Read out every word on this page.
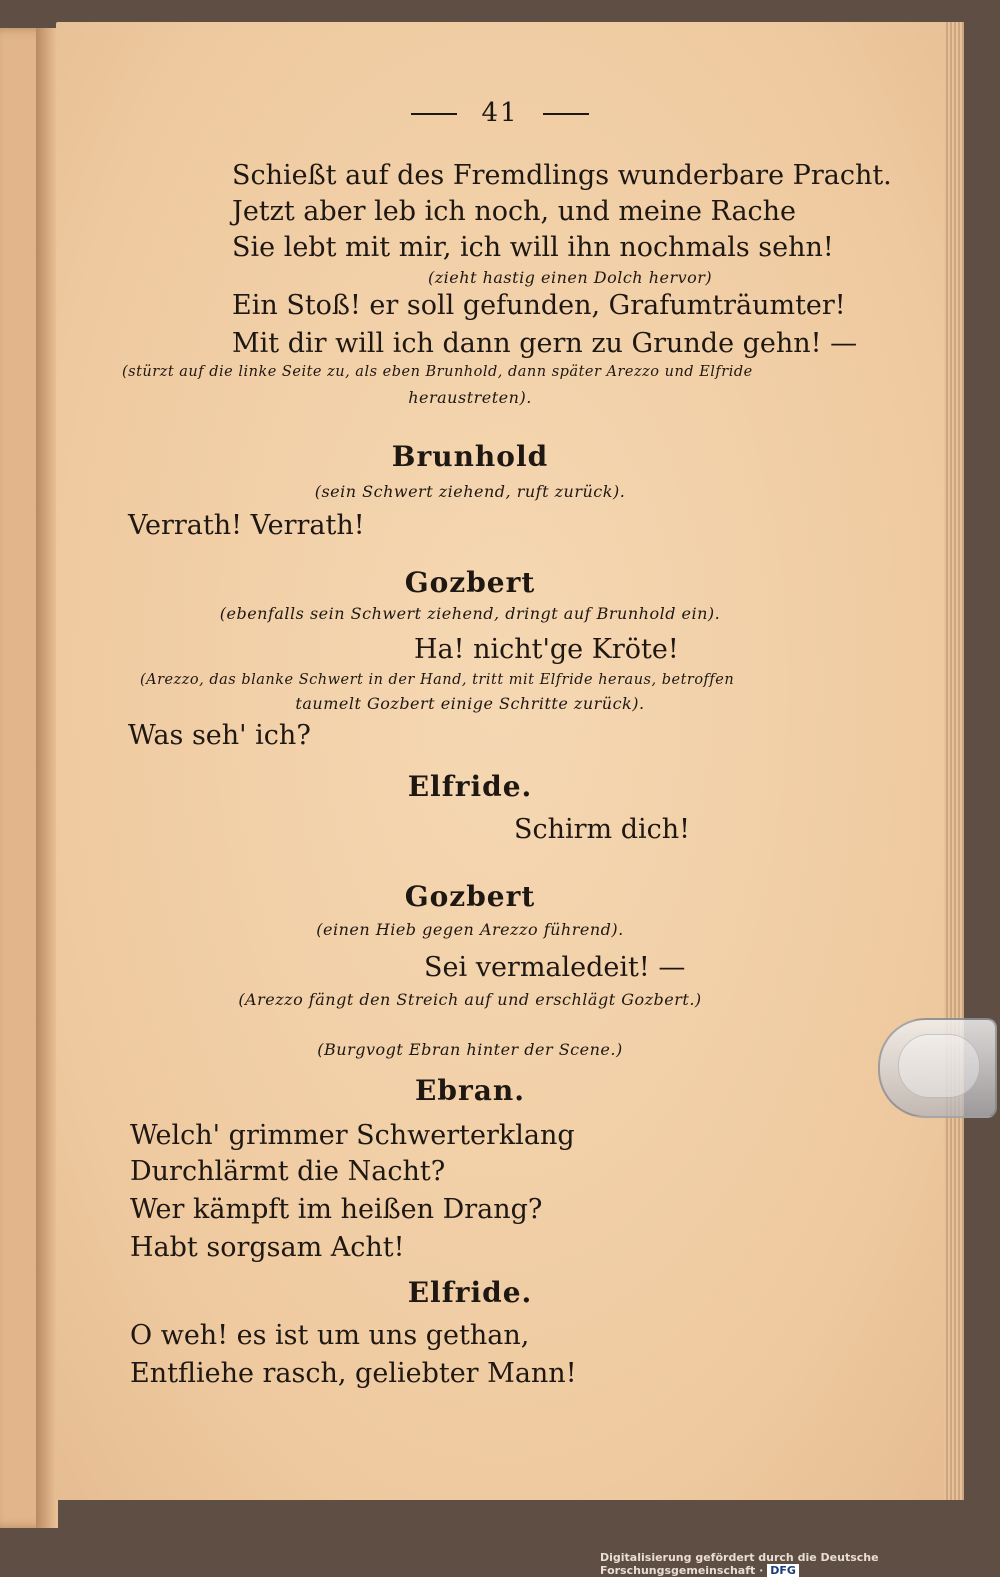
41
Schießt auf des Fremdlings wunderbare Pracht.
Jetzt aber leb ich noch, und meine Rache
Sie lebt mit mir, ich will ihn nochmals sehn!
(zieht hastig einen Dolch hervor)
Ein Stoß! er soll gefunden, Grafumträumter!
Mit dir will ich dann gern zu Grunde gehn! —
(stürzt auf die linke Seite zu, als eben Brunhold, dann später Arezzo und Elfride
heraustreten).
Brunhold
(sein Schwert ziehend, ruft zurück).
Verrath! Verrath!
Gozbert
(ebenfalls sein Schwert ziehend, dringt auf Brunhold ein).
Ha! nicht'ge Kröte!
(Arezzo, das blanke Schwert in der Hand, tritt mit Elfride heraus, betroffen
taumelt Gozbert einige Schritte zurück).
Was seh' ich?
Elfride.
Schirm dich!
Gozbert
(einen Hieb gegen Arezzo führend).
Sei vermaledeit! —
(Arezzo fängt den Streich auf und erschlägt Gozbert.)
(Burgvogt Ebran hinter der Scene.)
Ebran.
Welch' grimmer Schwerterklang
Durchlärmt die Nacht?
Wer kämpft im heißen Drang?
Habt sorgsam Acht!
Elfride.
O weh! es ist um uns gethan,
Entfliehe rasch, geliebter Mann!
Digitalisierung gefördert durch die Deutsche Forschungsgemeinschaft · DFG
